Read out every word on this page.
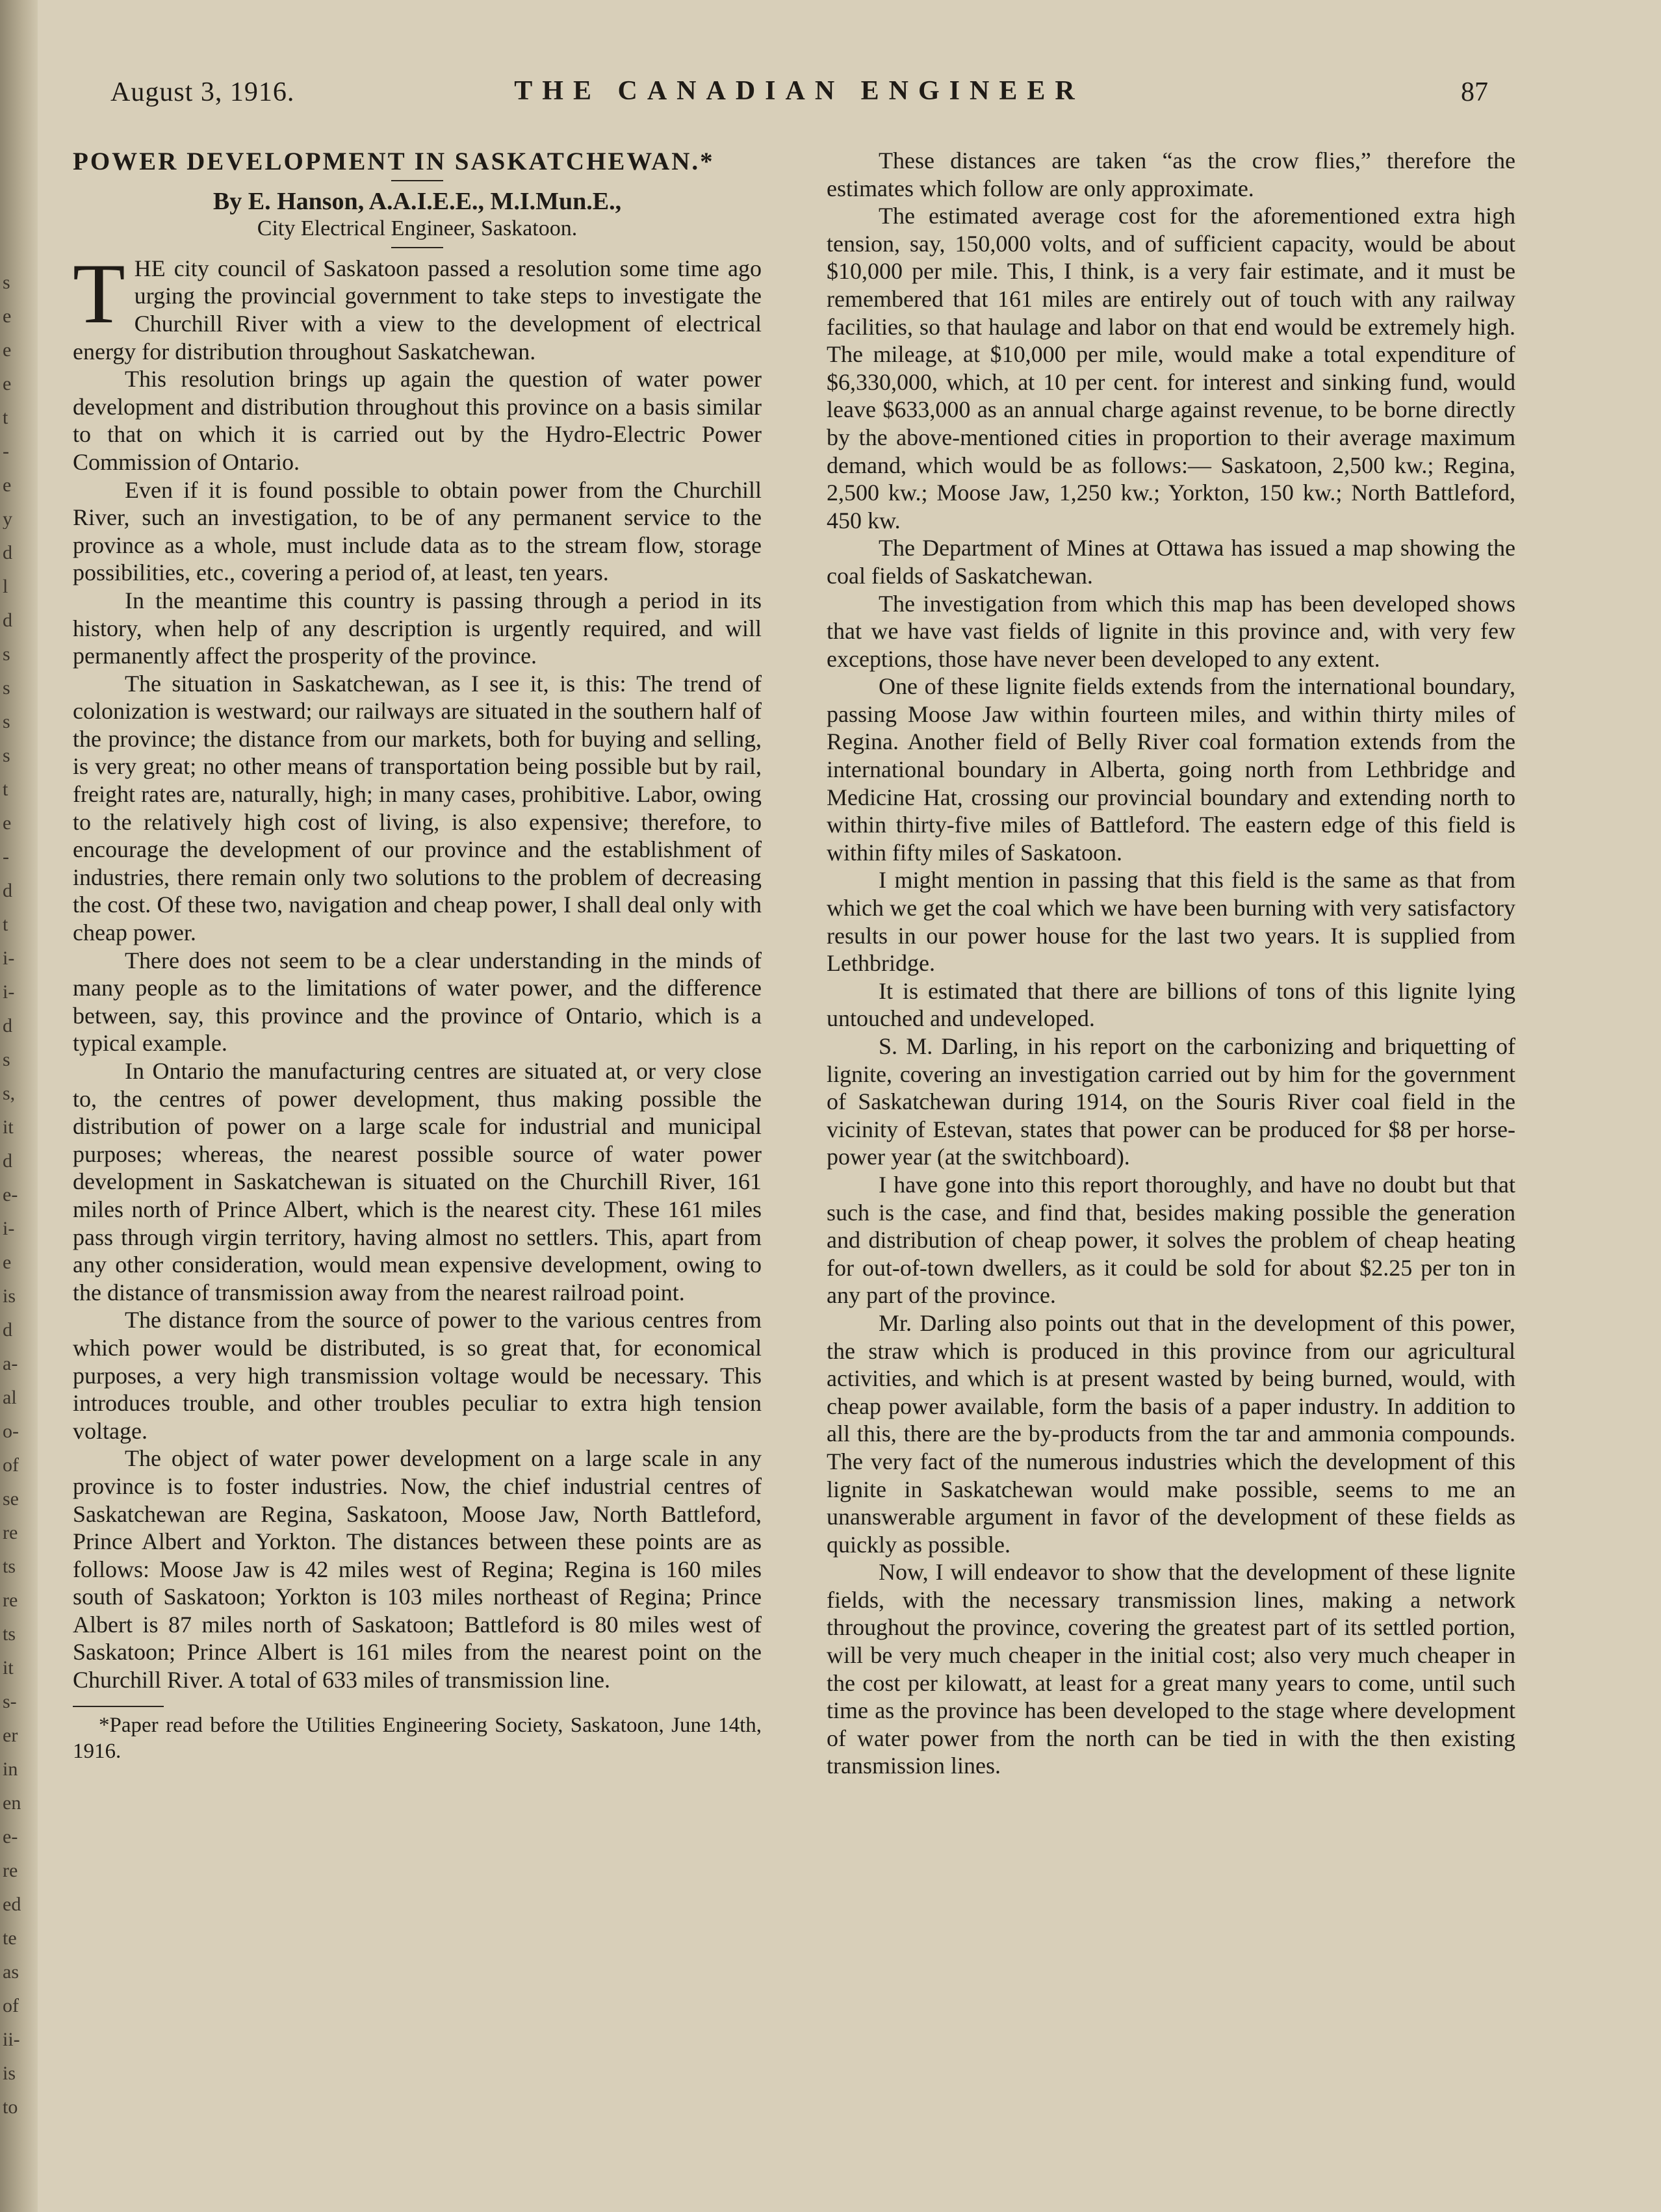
s
e
e
e
t
-
e
y
d
l
d
s
s
s
s
t
e
-
d
t
i-
i-
d
s
s,
it
d
e-
i-
e
is
d
a-
al
o-
of
se
re
ts
re
ts
it
s-
er
in
en
e-
re
ed
te
as
of
ii-
is
to
August 3, 1916.	THE CANADIAN ENGINEER	87

POWER DEVELOPMENT IN SASKATCHEWAN.*

By E. Hanson, A.A.I.E.E., M.I.Mun.E.,

City Electrical Engineer, Saskatoon.

THE city council of Saskatoon passed a resolution some time ago urging the provincial government to take steps to investigate the Churchill River with a view to the development of electrical energy for distribution throughout Saskatchewan.

This resolution brings up again the question of water power development and distribution throughout this province on a basis similar to that on which it is carried out by the Hydro-Electric Power Commission of Ontario.

Even if it is found possible to obtain power from the Churchill River, such an investigation, to be of any permanent service to the province as a whole, must include data as to the stream flow, storage possibilities, etc., covering a period of, at least, ten years.

In the meantime this country is passing through a period in its history, when help of any description is urgently required, and will permanently affect the prosperity of the province.

The situation in Saskatchewan, as I see it, is this: The trend of colonization is westward; our railways are situated in the southern half of the province; the distance from our markets, both for buying and selling, is very great; no other means of transportation being possible but by rail, freight rates are, naturally, high; in many cases, prohibitive. Labor, owing to the relatively high cost of living, is also expensive; therefore, to encourage the development of our province and the establishment of industries, there remain only two solutions to the problem of decreasing the cost. Of these two, navigation and cheap power, I shall deal only with cheap power.

There does not seem to be a clear understanding in the minds of many people as to the limitations of water power, and the difference between, say, this province and the province of Ontario, which is a typical example.

In Ontario the manufacturing centres are situated at, or very close to, the centres of power development, thus making possible the distribution of power on a large scale for industrial and municipal purposes; whereas, the nearest possible source of water power development in Saskatchewan is situated on the Churchill River, 161 miles north of Prince Albert, which is the nearest city. These 161 miles pass through virgin territory, having almost no settlers. This, apart from any other consideration, would mean expensive development, owing to the distance of transmission away from the nearest railroad point.

The distance from the source of power to the various centres from which power would be distributed, is so great that, for economical purposes, a very high transmission voltage would be necessary. This introduces trouble, and other troubles peculiar to extra high tension voltage.

The object of water power development on a large scale in any province is to foster industries. Now, the chief industrial centres of Saskatchewan are Regina, Saskatoon, Moose Jaw, North Battleford, Prince Albert and Yorkton. The distances between these points are as follows: Moose Jaw is 42 miles west of Regina; Regina is 160 miles south of Saskatoon; Yorkton is 103 miles northeast of Regina; Prince Albert is 87 miles north of Saskatoon; Battleford is 80 miles west of Saskatoon; Prince Albert is 161 miles from the nearest point on the Churchill River. A total of 633 miles of transmission line.

*Paper read before the Utilities Engineering Society, Saskatoon, June 14th, 1916.

These distances are taken “as the crow flies,” therefore the estimates which follow are only approximate.

The estimated average cost for the aforementioned extra high tension, say, 150,000 volts, and of sufficient capacity, would be about $10,000 per mile. This, I think, is a very fair estimate, and it must be remembered that 161 miles are entirely out of touch with any railway facilities, so that haulage and labor on that end would be extremely high. The mileage, at $10,000 per mile, would make a total expenditure of $6,330,000, which, at 10 per cent. for interest and sinking fund, would leave $633,000 as an annual charge against revenue, to be borne directly by the above-mentioned cities in proportion to their average maximum demand, which would be as follows:— Saskatoon, 2,500 kw.; Regina, 2,500 kw.; Moose Jaw, 1,250 kw.; Yorkton, 150 kw.; North Battleford, 450 kw.

The Department of Mines at Ottawa has issued a map showing the coal fields of Saskatchewan.

The investigation from which this map has been developed shows that we have vast fields of lignite in this province and, with very few exceptions, those have never been developed to any extent.

One of these lignite fields extends from the international boundary, passing Moose Jaw within fourteen miles, and within thirty miles of Regina. Another field of Belly River coal formation extends from the international boundary in Alberta, going north from Lethbridge and Medicine Hat, crossing our provincial boundary and extending north to within thirty-five miles of Battleford. The eastern edge of this field is within fifty miles of Saskatoon.

I might mention in passing that this field is the same as that from which we get the coal which we have been burning with very satisfactory results in our power house for the last two years. It is supplied from Lethbridge.

It is estimated that there are billions of tons of this lignite lying untouched and undeveloped.

S. M. Darling, in his report on the carbonizing and briquetting of lignite, covering an investigation carried out by him for the government of Saskatchewan during 1914, on the Souris River coal field in the vicinity of Estevan, states that power can be produced for $8 per horse-power year (at the switchboard).

I have gone into this report thoroughly, and have no doubt but that such is the case, and find that, besides making possible the generation and distribution of cheap power, it solves the problem of cheap heating for out-of-town dwellers, as it could be sold for about $2.25 per ton in any part of the province.

Mr. Darling also points out that in the development of this power, the straw which is produced in this province from our agricultural activities, and which is at present wasted by being burned, would, with cheap power available, form the basis of a paper industry. In addition to all this, there are the by-products from the tar and ammonia compounds. The very fact of the numerous industries which the development of this lignite in Saskatchewan would make possible, seems to me an unanswerable argument in favor of the development of these fields as quickly as possible.

Now, I will endeavor to show that the development of these lignite fields, with the necessary transmission lines, making a network throughout the province, covering the greatest part of its settled portion, will be very much cheaper in the initial cost; also very much cheaper in the cost per kilowatt, at least for a great many years to come, until such time as the province has been developed to the stage where development of water power from the north can be tied in with the then existing transmission lines.
